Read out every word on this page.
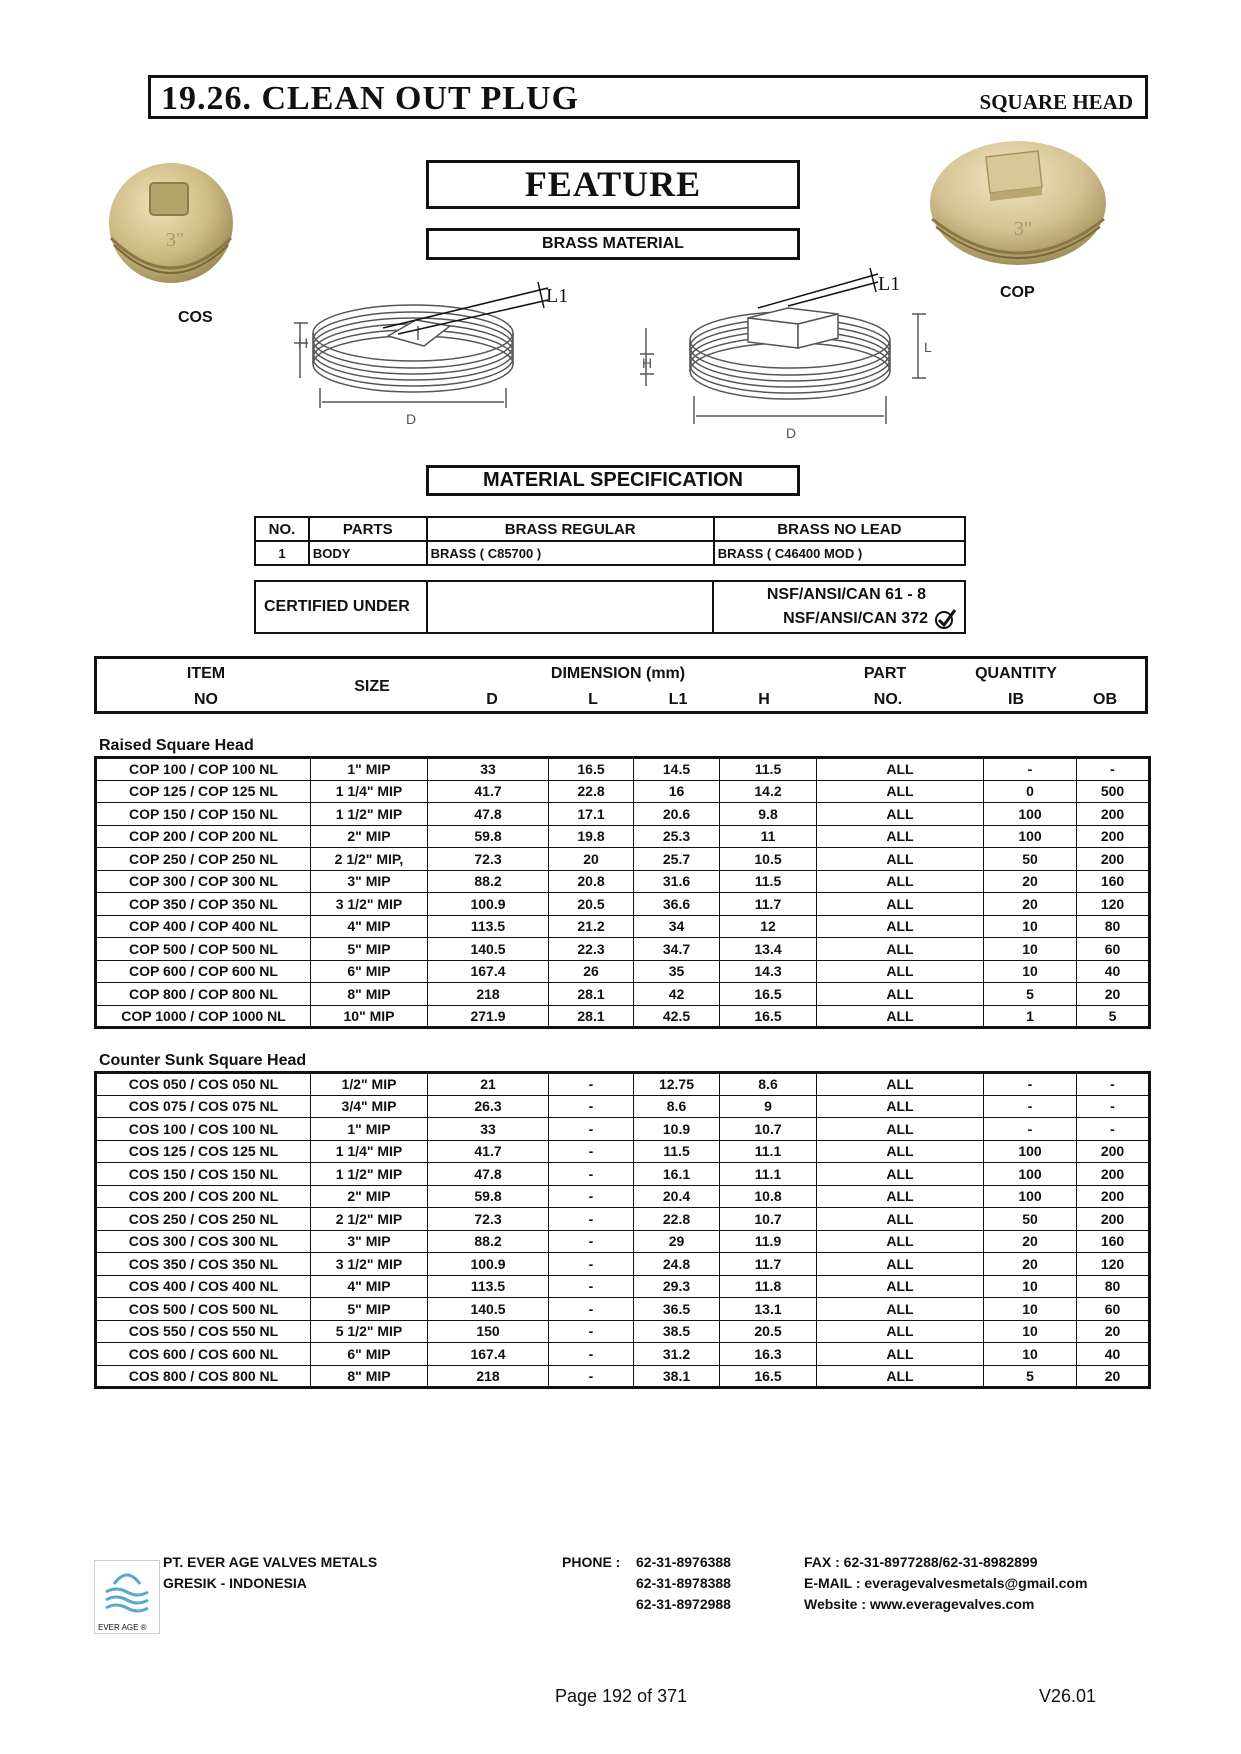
19.26. CLEAN OUT PLUG	SQUARE HEAD
3"
COS
3"
COP
FEATURE
BRASS MATERIAL
H
D
L1
H
L
D
L1
MATERIAL SPECIFICATION
NO.	PARTS	BRASS REGULAR	BRASS NO LEAD
1	BODY	BRASS ( C85700 )	BRASS ( C46400 MOD )
CERTIFIED UNDER		
NSF/ANSI/CAN 61 - 8
NSF/ANSI/CAN 372
ITEM
NO
SIZE
DIMENSION (mm)
D	L	L1	H
PART
NO.
QUANTITY
IB	OB
Raised Square Head
COP 100 / COP 100 NL	1" MIP	33	16.5	14.5	11.5	ALL	-	-
COP 125 / COP 125 NL	1 1/4" MIP	41.7	22.8	16	14.2	ALL	0	500
COP 150 / COP 150 NL	1 1/2" MIP	47.8	17.1	20.6	9.8	ALL	100	200
COP 200 / COP 200 NL	2" MIP	59.8	19.8	25.3	11	ALL	100	200
COP 250 / COP 250 NL	2 1/2" MIP,	72.3	20	25.7	10.5	ALL	50	200
COP 300 / COP 300 NL	3" MIP	88.2	20.8	31.6	11.5	ALL	20	160
COP 350 / COP 350 NL	3 1/2" MIP	100.9	20.5	36.6	11.7	ALL	20	120
COP 400 / COP 400 NL	4" MIP	113.5	21.2	34	12	ALL	10	80
COP 500 / COP 500 NL	5" MIP	140.5	22.3	34.7	13.4	ALL	10	60
COP 600 / COP 600 NL	6" MIP	167.4	26	35	14.3	ALL	10	40
COP 800 / COP 800 NL	8" MIP	218	28.1	42	16.5	ALL	5	20
COP 1000 / COP 1000 NL	10" MIP	271.9	28.1	42.5	16.5	ALL	1	5
Counter Sunk Square Head
COS 050 / COS 050 NL	1/2" MIP	21	-	12.75	8.6	ALL	-	-
COS 075 / COS 075 NL	3/4" MIP	26.3	-	8.6	9	ALL	-	-
COS 100 / COS 100 NL	1" MIP	33	-	10.9	10.7	ALL	-	-
COS 125 / COS 125 NL	1 1/4" MIP	41.7	-	11.5	11.1	ALL	100	200
COS 150 / COS 150 NL	1 1/2" MIP	47.8	-	16.1	11.1	ALL	100	200
COS 200 / COS 200 NL	2" MIP	59.8	-	20.4	10.8	ALL	100	200
COS 250 / COS 250 NL	2 1/2" MIP	72.3	-	22.8	10.7	ALL	50	200
COS 300 / COS 300 NL	3" MIP	88.2	-	29	11.9	ALL	20	160
COS 350 / COS 350 NL	3 1/2" MIP	100.9	-	24.8	11.7	ALL	20	120
COS 400 / COS 400 NL	4" MIP	113.5	-	29.3	11.8	ALL	10	80
COS 500 / COS 500 NL	5" MIP	140.5	-	36.5	13.1	ALL	10	60
COS 550 / COS 550 NL	5 1/2" MIP	150	-	38.5	20.5	ALL	10	20
COS 600 / COS 600 NL	6" MIP	167.4	-	31.2	16.3	ALL	10	40
COS 800 / COS 800 NL	8" MIP	218	-	38.1	16.5	ALL	5	20
EVER AGE ®
PT. EVER AGE VALVES METALS
GRESIK - INDONESIA
PHONE : 62-31-8976388
62-31-8978388
62-31-8972988
FAX : 62-31-8977288/62-31-8982899
E-MAIL : everagevalvesmetals@gmail.com
Website : www.everagevalves.com
Page 192 of 371	V26.01
